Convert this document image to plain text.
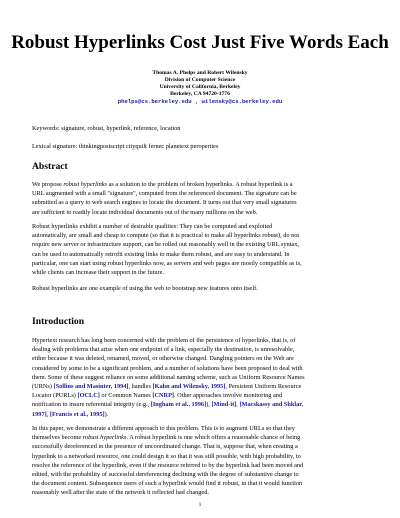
Robust Hyperlinks Cost Just Five Words Each
Thomas A. Phelps and Robert Wilensky
Division of Computer Science
University of California, Berkeley
Berkeley, CA 94720-1776
phelps@cs.berkeley.edu , wilensky@cs.berkeley.edu
Keywords: signature, robust, hyperlink, reference, location
Lexical signature: thinkingpostscript cityquilt fernec planetext peroperties
Abstract
We propose robust hyperlinks as a solution to the problem of broken hyperlinks. A robust hyperlink is a
URL augmented with a small "signature", computed from the referenced document. The signature can be
submitted as a query to web search engines to locate the document. It turns out that very small signatures
are sufficient to readily locate individual documents out of the many millions on the web.
Robust hyperlinks exhibit a number of desirable qualities: They can be computed and exploited
automatically, are small and cheap to compute (so that it is practical to make all hyperlinks robust), do not
require new server or infrastructure support, can be rolled out reasonably well in the existing URL syntax,
can be used to automatically retrofit existing links to make them robust, and are easy to understand. In
particular, one can start using robust hyperlinks now, as servers and web pages are mostly compatible as is,
while clients can increase their support in the future.
Robust hyperlinks are one example of using the web to bootstrap new features onto itself.
Introduction
Hypertext research has long been concerned with the problem of the persistence of hyperlinks, that is, of
dealing with problems that arise when one endpoint of a link, especially the destination, is unresolvable,
either because it was deleted, renamed, moved, or otherwise changed. Dangling pointers on the Web are
considered by some to be a significant problem, and a number of solutions have been proposed to deal with
them. Some of these suggest reliance on some additional naming scheme, such as Uniform Resource Names
(URNs) [Sollins and Masinter, 1994], handles [Kahn and Wilensky, 1995], Persistent Uniform Resource
Locator (PURLs) [OCLC] or Common Names [CNRP]. Other approaches involve monitoring and
notification to insure referential integrity (e.g., [Ingham et al., 1996]), [Mind-it], [Macskassy and Shklar,
1997], [Francis et al., 1995]).
In this paper, we demonstrate a different approach to this problem. This is to augment URLs so that they
themselves become robust hyperlinks. A robust hyperlink is one which offers a reasonable chance of being
successfully dereferenced in the presence of uncoordinated change. That is, suppose that, when creating a
hyperlink to a networked resource, one could design it so that it was still possible, with high probability, to
resolve the reference of the hyperlink, even if the resource referred to by the hyperlink had been moved and
edited, with the probability of successful dereferencing declining with the degree of substantive change to
the document content. Subsequence users of such a hyperlink would find it robust, in that it would function
reasonably well after the state of the network it reflected had changed.
1
